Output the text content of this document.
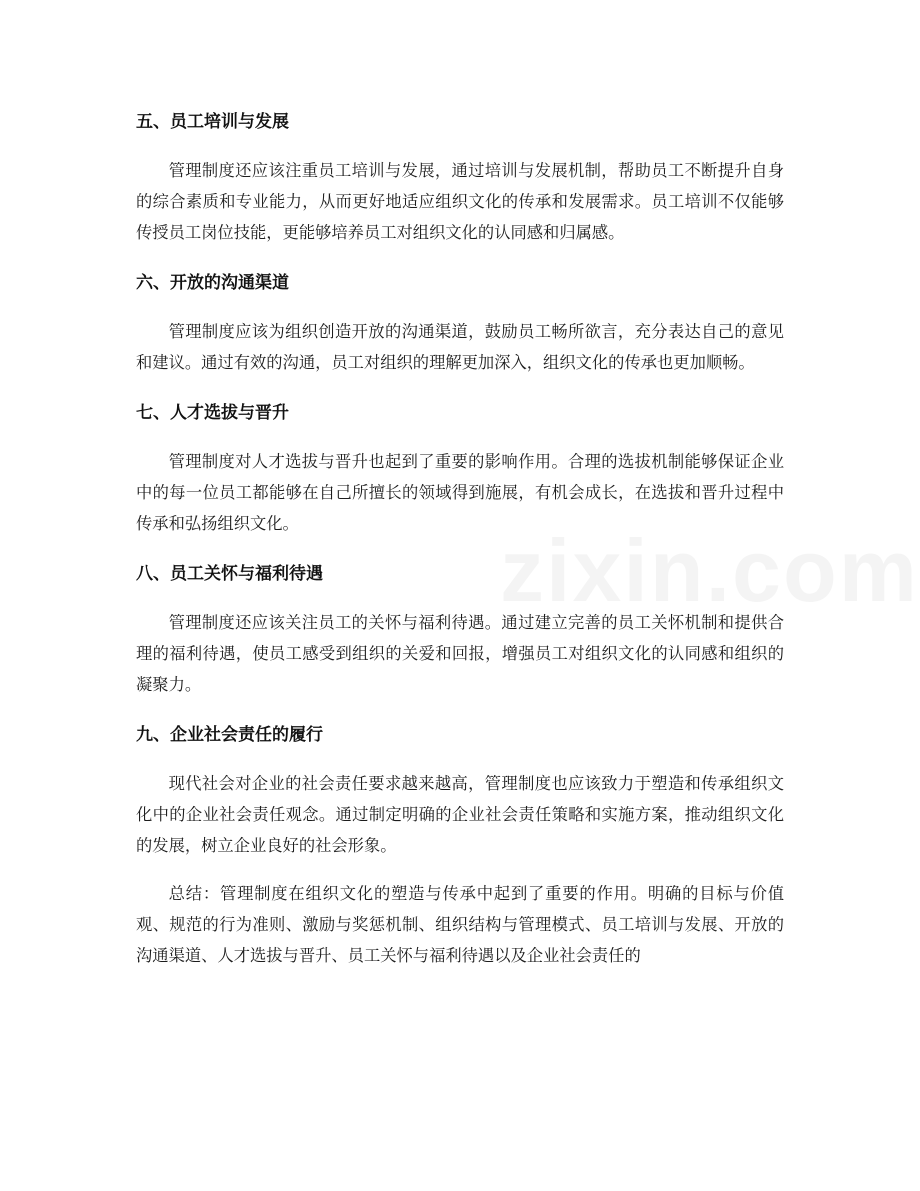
五、员工培训与发展

管理制度还应该注重员工培训与发展，通过培训与发展机制，帮助员工不断提升自身的综合素质和专业能力，从而更好地适应组织文化的传承和发展需求。员工培训不仅能够传授员工岗位技能，更能够培养员工对组织文化的认同感和归属感。

六、开放的沟通渠道

管理制度应该为组织创造开放的沟通渠道，鼓励员工畅所欲言，充分表达自己的意见和建议。通过有效的沟通，员工对组织的理解更加深入，组织文化的传承也更加顺畅。

七、人才选拔与晋升

管理制度对人才选拔与晋升也起到了重要的影响作用。合理的选拔机制能够保证企业中的每一位员工都能够在自己所擅长的领域得到施展，有机会成长，在选拔和晋升过程中传承和弘扬组织文化。

八、员工关怀与福利待遇

管理制度还应该关注员工的关怀与福利待遇。通过建立完善的员工关怀机制和提供合理的福利待遇，使员工感受到组织的关爱和回报，增强员工对组织文化的认同感和组织的凝聚力。

九、企业社会责任的履行

现代社会对企业的社会责任要求越来越高，管理制度也应该致力于塑造和传承组织文化中的企业社会责任观念。通过制定明确的企业社会责任策略和实施方案，推动组织文化的发展，树立企业良好的社会形象。

总结：管理制度在组织文化的塑造与传承中起到了重要的作用。明确的目标与价值观、规范的行为准则、激励与奖惩机制、组织结构与管理模式、员工培训与发展、开放的沟通渠道、人才选拔与晋升、员工关怀与福利待遇以及企业社会责任的
